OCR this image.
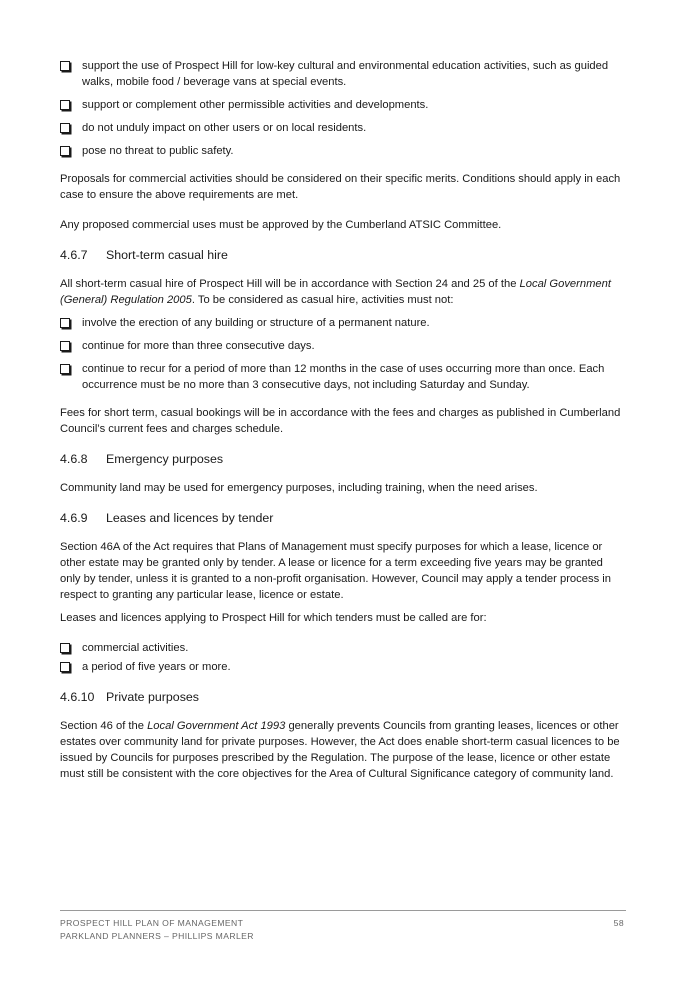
support the use of Prospect Hill for low-key cultural and environmental education activities, such as guided walks, mobile food / beverage vans at special events.
support or complement other permissible activities and developments.
do not unduly impact on other users or on local residents.
pose no threat to public safety.

Proposals for commercial activities should be considered on their specific merits. Conditions should apply in each case to ensure the above requirements are met.

Any proposed commercial uses must be approved by the Cumberland ATSIC Committee.

4.6.7 Short-term casual hire

All short-term casual hire of Prospect Hill will be in accordance with Section 24 and 25 of the Local Government (General) Regulation 2005. To be considered as casual hire, activities must not:

involve the erection of any building or structure of a permanent nature.
continue for more than three consecutive days.
continue to recur for a period of more than 12 months in the case of uses occurring more than once. Each occurrence must be no more than 3 consecutive days, not including Saturday and Sunday.

Fees for short term, casual bookings will be in accordance with the fees and charges as published in Cumberland Council’s current fees and charges schedule.

4.6.8 Emergency purposes

Community land may be used for emergency purposes, including training, when the need arises.

4.6.9 Leases and licences by tender

Section 46A of the Act requires that Plans of Management must specify purposes for which a lease, licence or other estate may be granted only by tender. A lease or licence for a term exceeding five years may be granted only by tender, unless it is granted to a non-profit organisation. However, Council may apply a tender process in respect to granting any particular lease, licence or estate.

Leases and licences applying to Prospect Hill for which tenders must be called are for:

commercial activities.
a period of five years or more.
4.6.10 Private purposes

Section 46 of the Local Government Act 1993 generally prevents Councils from granting leases, licences or other estates over community land for private purposes. However, the Act does enable short-term casual licences to be issued by Councils for purposes prescribed by the Regulation. The purpose of the lease, licence or other estate must still be consistent with the core objectives for the Area of Cultural Significance category of community land.

PROSPECT HILL PLAN OF MANAGEMENT
PARKLAND PLANNERS – PHILLIPS MARLER
58
